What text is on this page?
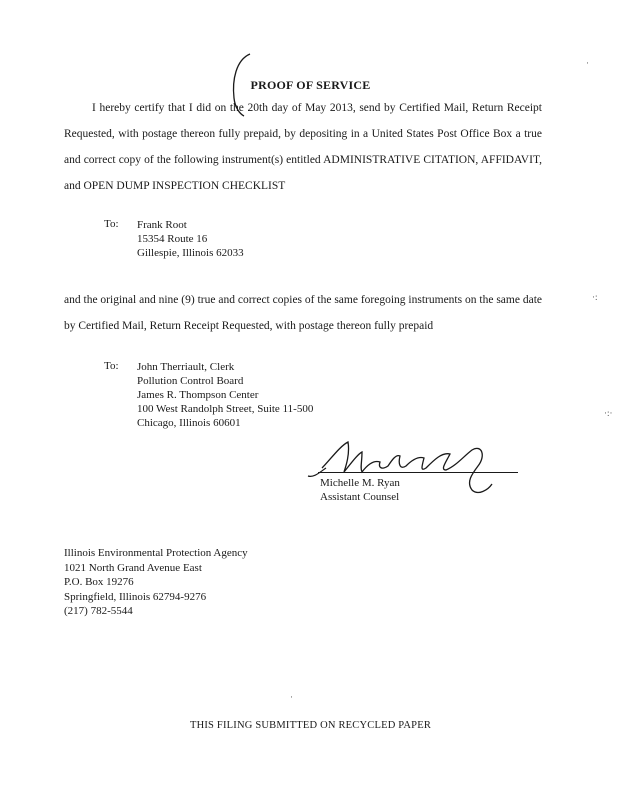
PROOF OF SERVICE
I hereby certify that I did on the 20th day of May 2013, send by Certified Mail, Return Receipt Requested, with postage thereon fully prepaid, by depositing in a United States Post Office Box a true and correct copy of the following instrument(s) entitled ADMINISTRATIVE CITATION, AFFIDAVIT, and OPEN DUMP INSPECTION CHECKLIST
To: Frank Root
15354 Route 16
Gillespie, Illinois 62033
and the original and nine (9) true and correct copies of the same foregoing instruments on the same date by Certified Mail, Return Receipt Requested, with postage thereon fully prepaid
To: John Therriault, Clerk
Pollution Control Board
James R. Thompson Center
100 West Randolph Street, Suite 11-500
Chicago, Illinois 60601
Michelle M. Ryan
Assistant Counsel
Illinois Environmental Protection Agency
1021 North Grand Avenue East
P.O. Box 19276
Springfield, Illinois 62794-9276
(217) 782-5544
THIS FILING SUBMITTED ON RECYCLED PAPER
·
·:
·:·
·
